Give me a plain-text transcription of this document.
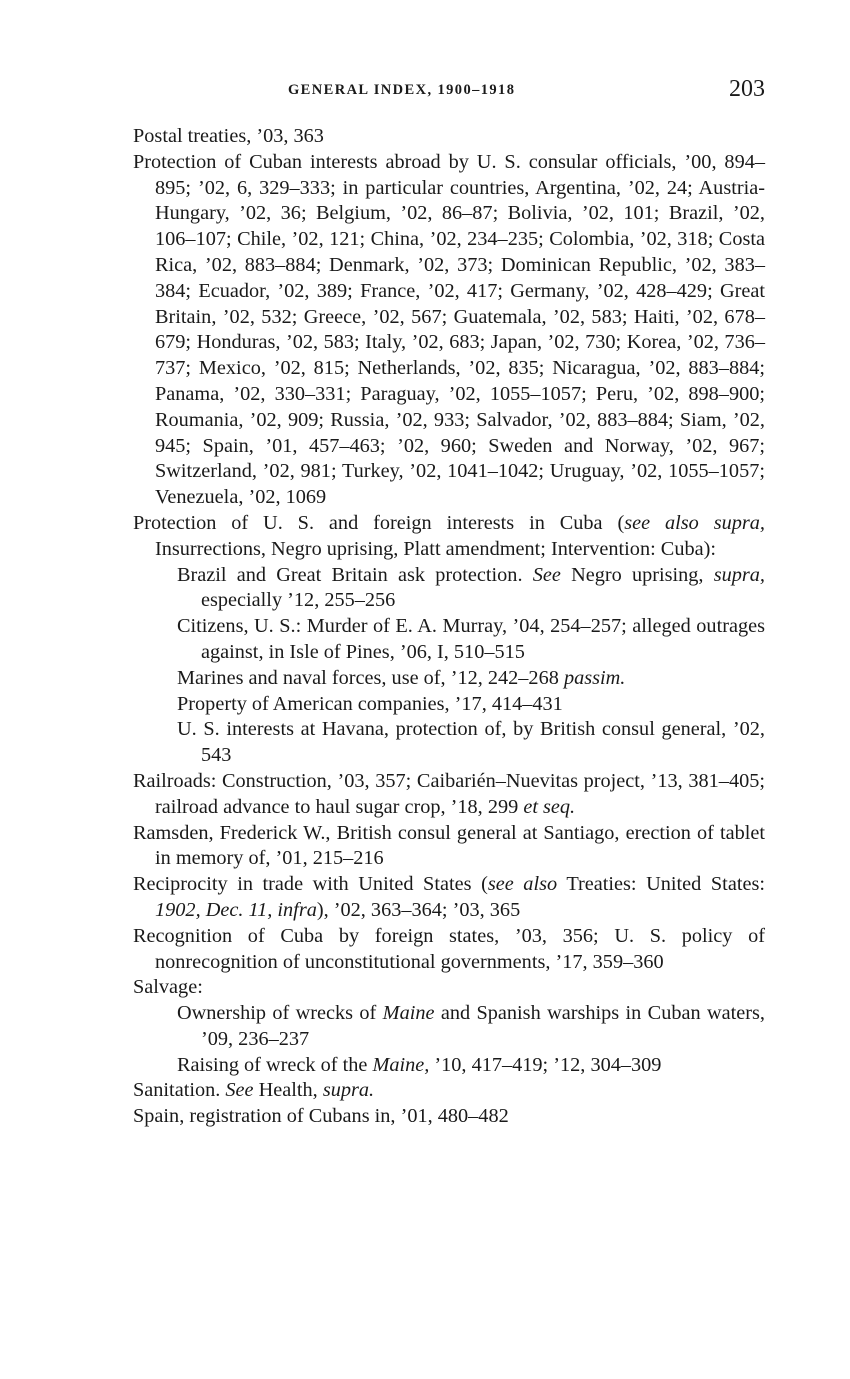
GENERAL INDEX, 1900–1918	203
Postal treaties, ’03, 363
Protection of Cuban interests abroad by U. S. consular officials, ’00, 894–895; ’02, 6, 329–333; in particular countries, Argentina, ’02, 24; Austria-Hungary, ’02, 36; Belgium, ’02, 86–87; Bolivia, ’02, 101; Brazil, ’02, 106–107; Chile, ’02, 121; China, ’02, 234–235; Colombia, ’02, 318; Costa Rica, ’02, 883–884; Denmark, ’02, 373; Dominican Republic, ’02, 383–384; Ecuador, ’02, 389; France, ’02, 417; Germany, ’02, 428–429; Great Britain, ’02, 532; Greece, ’02, 567; Guatemala, ’02, 583; Haiti, ’02, 678–679; Honduras, ’02, 583; Italy, ’02, 683; Japan, ’02, 730; Korea, ’02, 736–737; Mexico, ’02, 815; Netherlands, ’02, 835; Nicaragua, ’02, 883–884; Panama, ’02, 330–331; Paraguay, ’02, 1055–1057; Peru, ’02, 898–900; Roumania, ’02, 909; Russia, ’02, 933; Salvador, ’02, 883–884; Siam, ’02, 945; Spain, ’01, 457–463; ’02, 960; Sweden and Norway, ’02, 967; Switzerland, ’02, 981; Turkey, ’02, 1041–1042; Uruguay, ’02, 1055–1057; Venezuela, ’02, 1069
Protection of U. S. and foreign interests in Cuba (see also supra, Insurrections, Negro uprising, Platt amendment; Intervention: Cuba):
Brazil and Great Britain ask protection. See Negro uprising, supra, especially ’12, 255–256
Citizens, U. S.: Murder of E. A. Murray, ’04, 254–257; alleged outrages against, in Isle of Pines, ’06, I, 510–515
Marines and naval forces, use of, ’12, 242–268 passim.
Property of American companies, ’17, 414–431
U. S. interests at Havana, protection of, by British consul general, ’02, 543
Railroads: Construction, ’03, 357; Caibarién–Nuevitas project, ’13, 381–405; railroad advance to haul sugar crop, ’18, 299 et seq.
Ramsden, Frederick W., British consul general at Santiago, erection of tablet in memory of, ’01, 215–216
Reciprocity in trade with United States (see also Treaties: United States: 1902, Dec. 11, infra), ’02, 363–364; ’03, 365
Recognition of Cuba by foreign states, ’03, 356; U. S. policy of nonrecognition of unconstitutional governments, ’17, 359–360
Salvage:
Ownership of wrecks of Maine and Spanish warships in Cuban waters, ’09, 236–237
Raising of wreck of the Maine, ’10, 417–419; ’12, 304–309
Sanitation. See Health, supra.
Spain, registration of Cubans in, ’01, 480–482
